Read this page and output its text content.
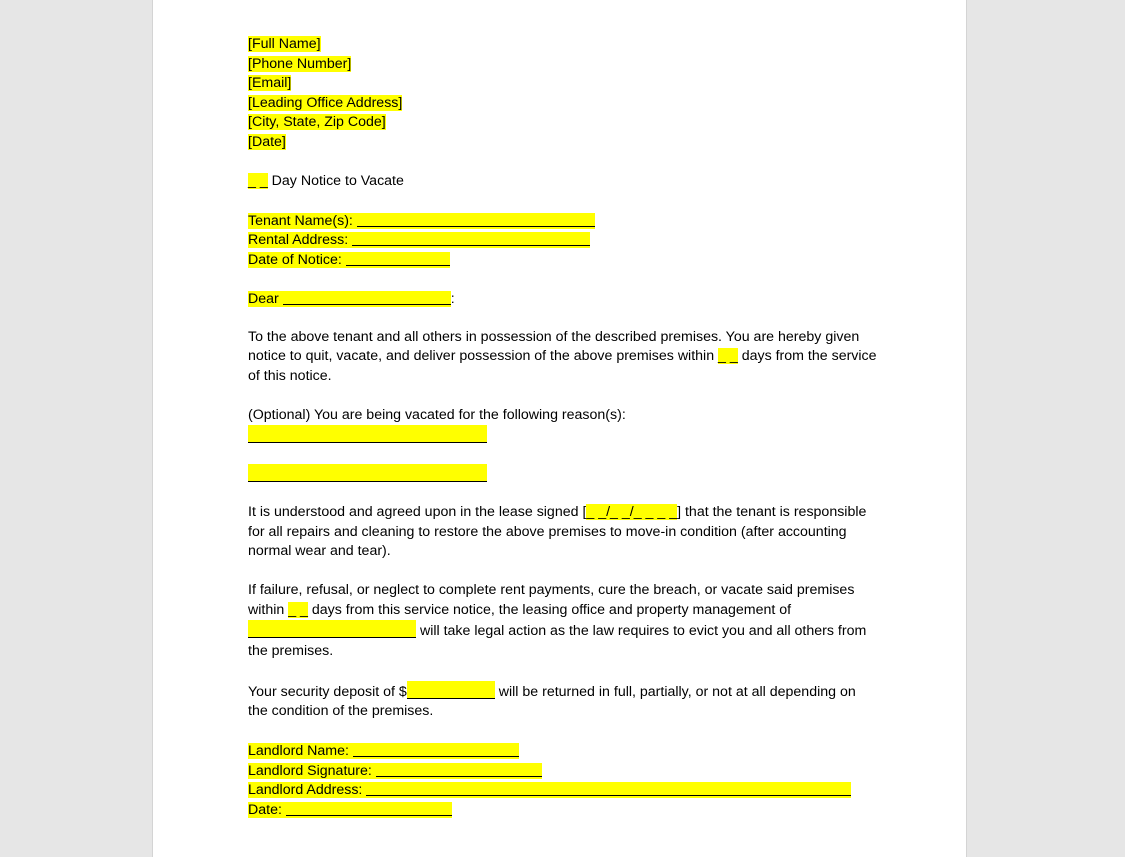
[Full Name]
[Phone Number]
[Email]
[Leading Office Address]
[City, State, Zip Code]
[Date]
_ _ Day Notice to Vacate
Tenant Name(s):
Rental Address:
Date of Notice:
Dear	:
To the above tenant and all others in possession of the described premises. You are hereby given notice to quit, vacate, and deliver possession of the above premises within _ _ days from the service of this notice.
(Optional) You are being vacated for the following reason(s):
It is understood and agreed upon in the lease signed [_ _/_ _/_ _ _ _] that the tenant is responsible for all repairs and cleaning to restore the above premises to move-in condition (after accounting normal wear and tear).
If failure, refusal, or neglect to complete rent payments, cure the breach, or vacate said premises within _ _ days from this service notice, the leasing office and property management of  will take legal action as the law requires to evict you and all others from the premises.
Your security deposit of $	will be returned in full, partially, or not at all depending on the condition of the premises.
Landlord Name:
Landlord Signature:
Landlord Address:
Date:
